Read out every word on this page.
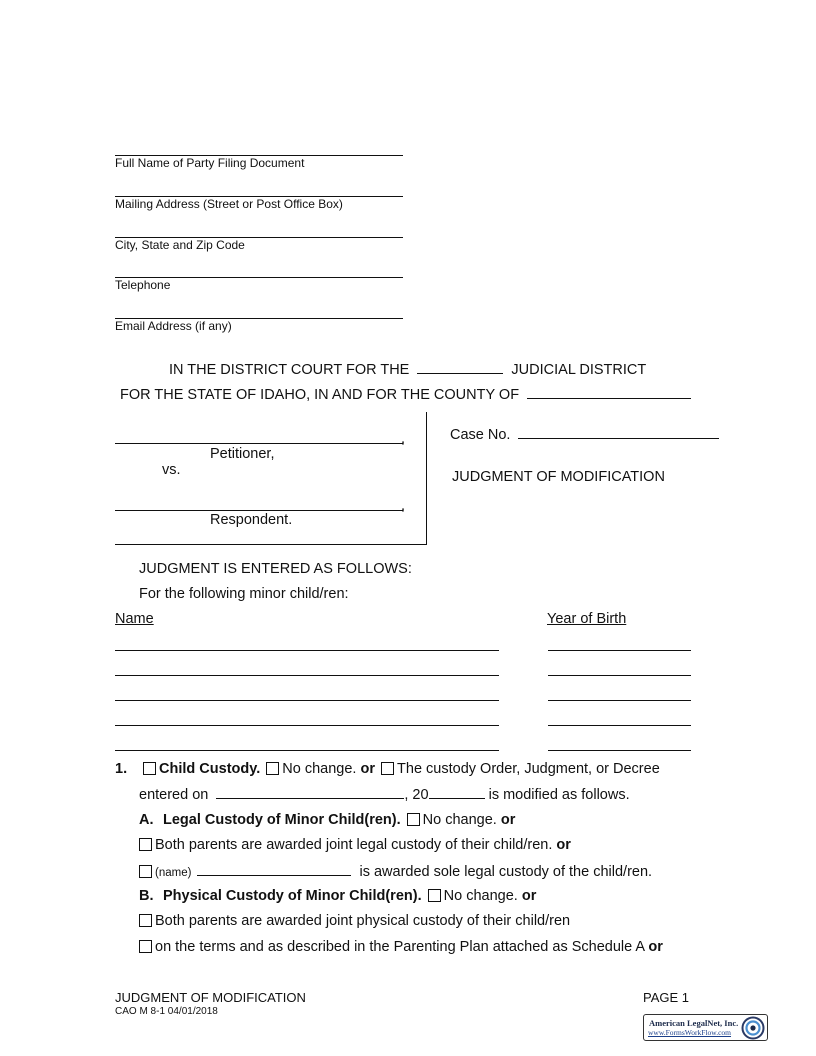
Full Name of Party Filing Document
Mailing Address (Street or Post Office Box)
City, State and Zip Code
Telephone
Email Address (if any)
IN THE DISTRICT COURT FOR THE	JUDICIAL DISTRICT
FOR THE STATE OF IDAHO, IN AND FOR THE COUNTY OF
,
Petitioner,
vs.
,
Respondent.
Case No.
JUDGMENT OF MODIFICATION
JUDGMENT IS ENTERED AS FOLLOWS:
For the following minor child/ren:
Name	Year of Birth
1. Child Custody. No change. or The custody Order, Judgment, or Decree
entered on	, 20	is modified as follows.
A. Legal Custody of Minor Child(ren). No change. or
Both parents are awarded joint legal custody of their child/ren. or
(name)	is awarded sole legal custody of the child/ren.
B. Physical Custody of Minor Child(ren). No change. or
Both parents are awarded joint physical custody of their child/ren
on the terms and as described in the Parenting Plan attached as Schedule A or
JUDGMENT OF MODIFICATION
CAO M 8-1 04/01/2018
PAGE 1
American LegalNet, Inc.
www.FormsWorkFlow.com
